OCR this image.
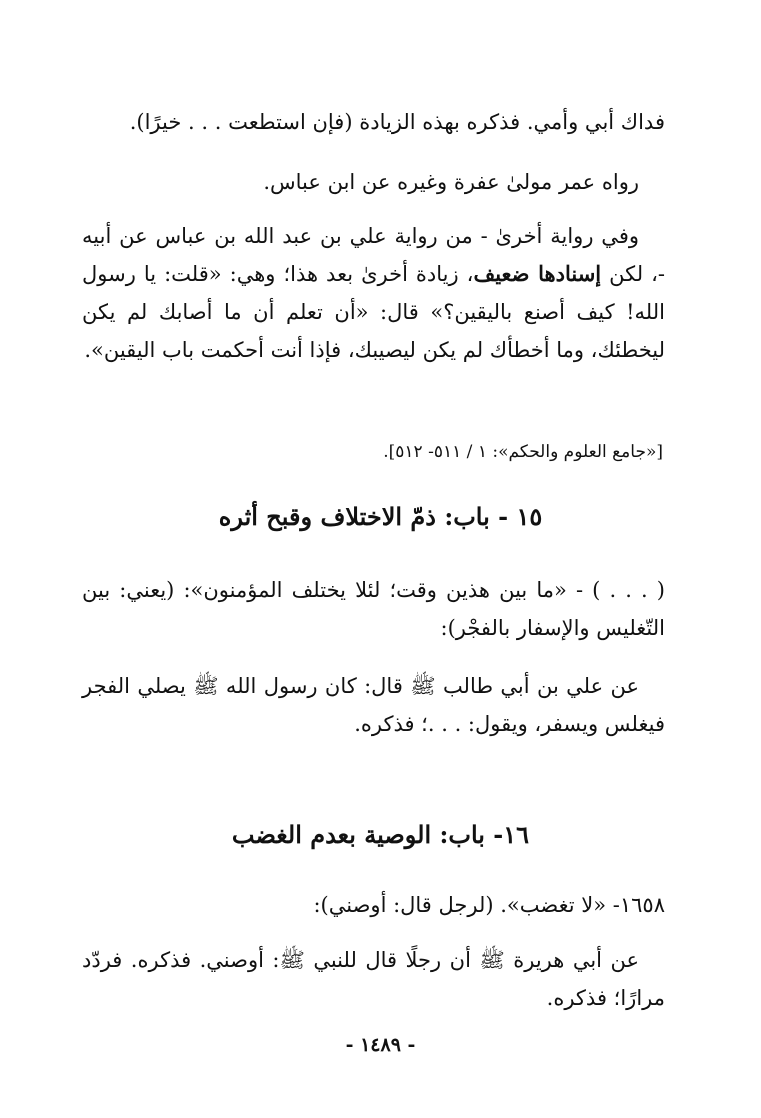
فداك أبي وأمي. فذكره بهذه الزيادة (فإن استطعت . . . خيرًا).

رواه عمر مولىٰ عفرة وغيره عن ابن عباس.

وفي رواية أخرىٰ - من رواية علي بن عبد الله بن عباس عن أبيه -، لكن إسنادها ضعيف، زيادة أخرىٰ بعد هذا؛ وهي: «قلت: يا رسول الله! كيف أصنع باليقين؟» قال: «أن تعلم أن ما أصابك لم يكن ليخطئك، وما أخطأك لم يكن ليصيبك، فإذا أنت أحكمت باب اليقين».

[«جامع العلوم والحكم»: ١ / ٥١١- ٥١٢].

١٥ - باب: ذمّ الاختلاف وقبح أثره

( . . . ) - «ما بين هذين وقت؛ لئلا يختلف المؤمنون»: (يعني: بين التّغليس والإسفار بالفجْر):

عن علي بن أبي طالب ﷺ قال: كان رسول الله ﷺ يصلي الفجر فيغلس ويسفر، ويقول: . . .؛ فذكره.

١٦- باب: الوصية بعدم الغضب

١٦٥٨- «لا تغضب». (لرجل قال: أوصني):

عن أبي هريرة ﷺ أن رجلًا قال للنبي ﷺ: أوصني. فذكره. فردّد مرارًا؛ فذكره.

- ١٤٨٩ -
